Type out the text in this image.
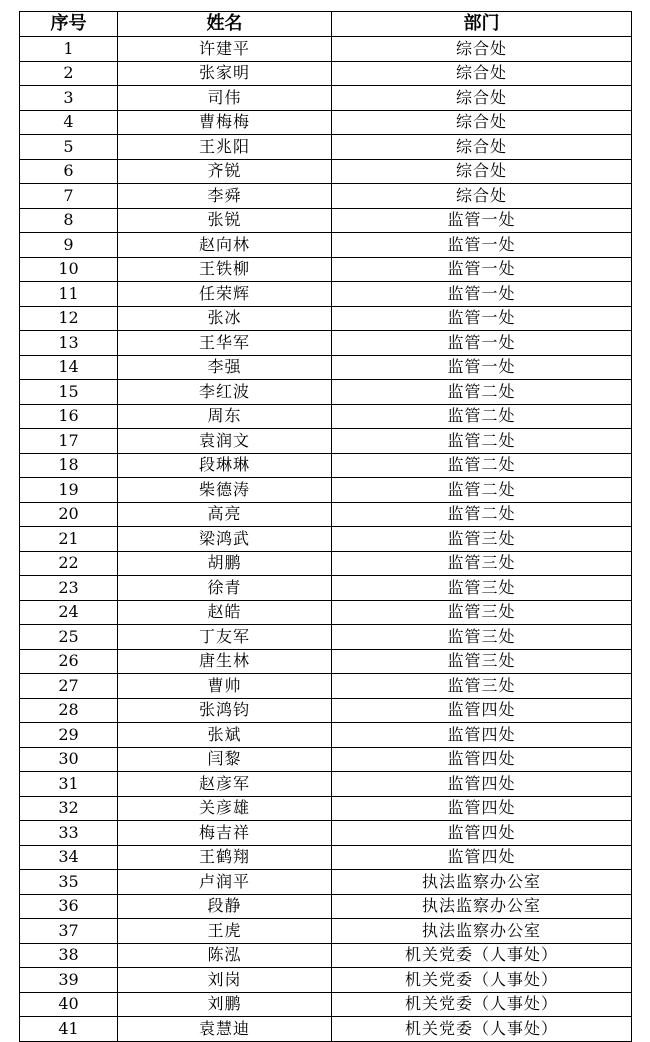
序号	姓名	部门
1	许建平	综合处
2	张家明	综合处
3	司伟	综合处
4	曹梅梅	综合处
5	王兆阳	综合处
6	齐锐	综合处
7	李舜	综合处
8	张锐	监管一处
9	赵向林	监管一处
10	王铁柳	监管一处
11	任荣辉	监管一处
12	张冰	监管一处
13	王华军	监管一处
14	李强	监管一处
15	李红波	监管二处
16	周东	监管二处
17	袁润文	监管二处
18	段琳琳	监管二处
19	柴德涛	监管二处
20	高亮	监管二处
21	梁鸿武	监管三处
22	胡鹏	监管三处
23	徐青	监管三处
24	赵皓	监管三处
25	丁友军	监管三处
26	唐生林	监管三处
27	曹帅	监管三处
28	张鸿钧	监管四处
29	张斌	监管四处
30	闫黎	监管四处
31	赵彦军	监管四处
32	关彦雄	监管四处
33	梅吉祥	监管四处
34	王鹤翔	监管四处
35	卢润平	执法监察办公室
36	段静	执法监察办公室
37	王虎	执法监察办公室
38	陈泓	机关党委（人事处）
39	刘岗	机关党委（人事处）
40	刘鹏	机关党委（人事处）
41	袁慧迪	机关党委（人事处）
